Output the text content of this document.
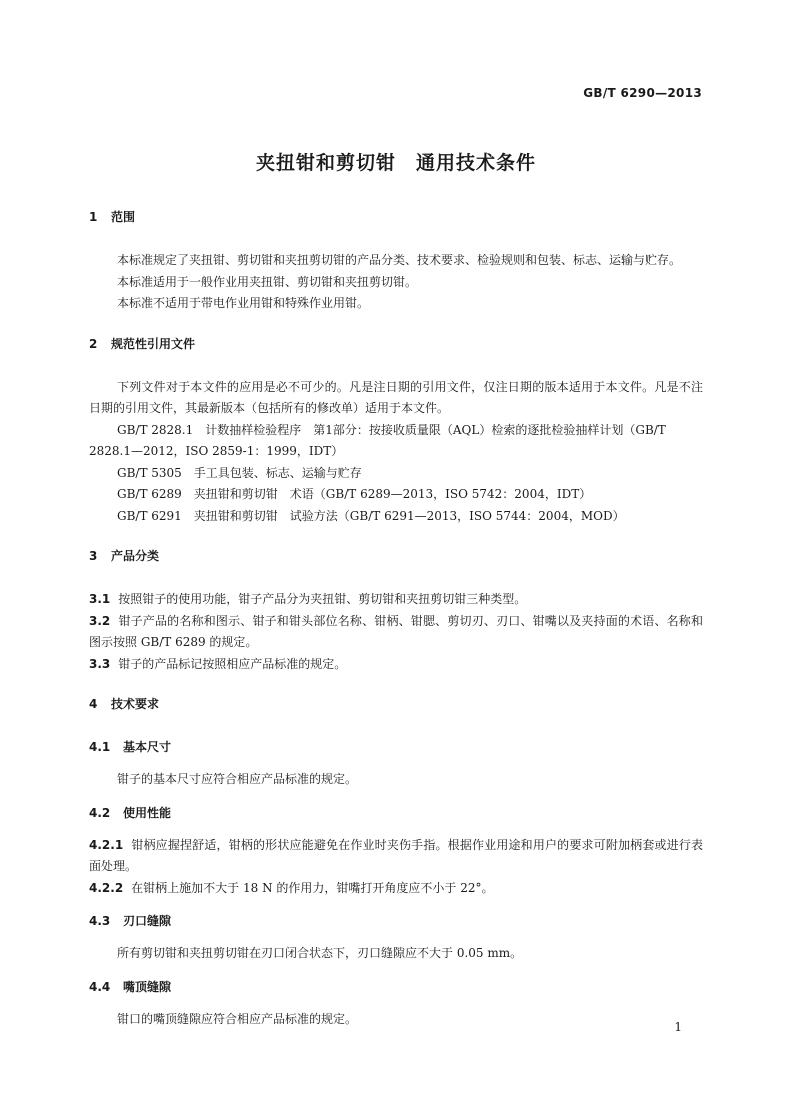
GB/T 6290—2013
夹扭钳和剪切钳　通用技术条件
1 范围

本标准规定了夹扭钳、剪切钳和夹扭剪切钳的产品分类、技术要求、检验规则和包装、标志、运输与贮存。

本标准适用于一般作业用夹扭钳、剪切钳和夹扭剪切钳。

本标准不适用于带电作业用钳和特殊作业用钳。

2 规范性引用文件

下列文件对于本文件的应用是必不可少的。凡是注日期的引用文件，仅注日期的版本适用于本文件。凡是不注日期的引用文件，其最新版本（包括所有的修改单）适用于本文件。

GB/T 2828.1　计数抽样检验程序　第1部分：按接收质量限（AQL）检索的逐批检验抽样计划（GB/T 2828.1—2012，ISO 2859-1：1999，IDT）

GB/T 5305　手工具包装、标志、运输与贮存

GB/T 6289　夹扭钳和剪切钳　术语（GB/T 6289—2013，ISO 5742：2004，IDT）

GB/T 6291　夹扭钳和剪切钳　试验方法（GB/T 6291—2013，ISO 5744：2004，MOD）

3 产品分类

3.1 按照钳子的使用功能，钳子产品分为夹扭钳、剪切钳和夹扭剪切钳三种类型。

3.2 钳子产品的名称和图示、钳子和钳头部位名称、钳柄、钳腮、剪切刃、刃口、钳嘴以及夹持面的术语、名称和图示按照 GB/T 6289 的规定。

3.3 钳子的产品标记按照相应产品标准的规定。

4 技术要求
4.1 基本尺寸

钳子的基本尺寸应符合相应产品标准的规定。

4.2 使用性能

4.2.1 钳柄应握捏舒适，钳柄的形状应能避免在作业时夹伤手指。根据作业用途和用户的要求可附加柄套或进行表面处理。

4.2.2 在钳柄上施加不大于 18 N 的作用力，钳嘴打开角度应不小于 22°。

4.3 刃口缝隙

所有剪切钳和夹扭剪切钳在刃口闭合状态下，刃口缝隙应不大于 0.05 mm。

4.4 嘴顶缝隙

钳口的嘴顶缝隙应符合相应产品标准的规定。

1
